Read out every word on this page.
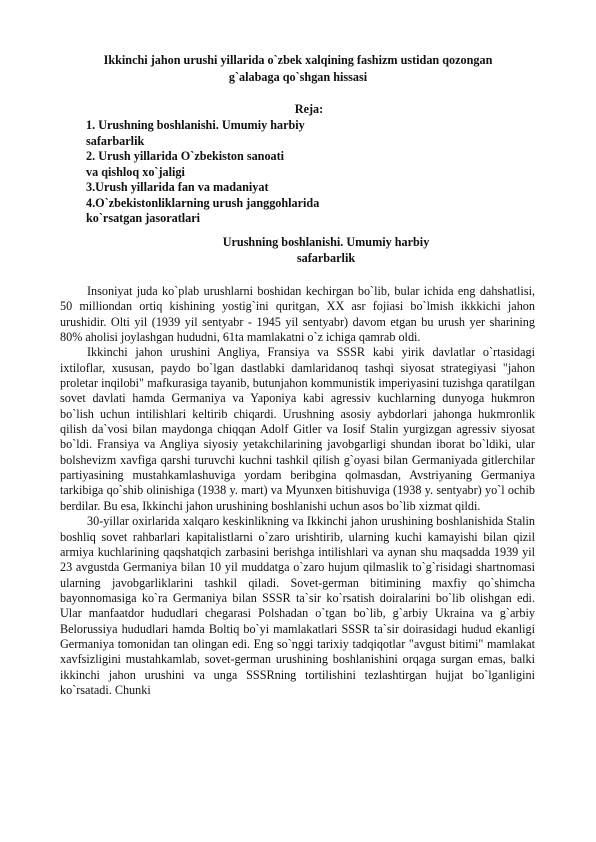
Ikkinchi jahon urushi yillarida o`zbek xalqining fashizm ustidan qozongan
g`alabaga qo`shgan hissasi
Reja:
1. Urushning boshlanishi. Umumiy harbiy
safarbarlik
2. Urush yillarida O`zbekiston sanoati
va qishloq xo`jaligi
3.Urush yillarida fan va madaniyat
4.O`zbekistonliklarning urush janggohlarida
ko`rsatgan jasoratlari
Urushning boshlanishi. Umumiy harbiy
safarbarlik

Insoniyat juda ko`plab urushlarni boshidan kechirgan bo`lib, bular ichida eng dahshatlisi, 50 milliondan ortiq kishining yostig`ini quritgan, XX asr fojiasi bo`lmish ikkkichi jahon urushidir. Olti yil (1939 yil sentyabr - 1945 yil sentyabr) davom etgan bu urush yer sharining 80% aholisi joylashgan hududni, 61ta mamlakatni o`z ichiga qamrab oldi.

Ikkinchi jahon urushini Angliya, Fransiya va SSSR kabi yirik davlatlar o`rtasidagi ixtiloflar, xususan, paydo bo`lgan dastlabki damlaridanoq tashqi siyosat strategiyasi "jahon proletar inqilobi" mafkurasiga tayanib, butunjahon kommunistik imperiyasini tuzishga qaratilgan sovet davlati hamda Germaniya va Yaponiya kabi agressiv kuchlarning dunyoga hukmron bo`lish uchun intilishlari keltirib chiqardi. Urushning asosiy aybdorlari jahonga hukmronlik qilish da`vosi bilan maydonga chiqqan Adolf Gitler va Iosif Stalin yurgizgan agressiv siyosat bo`ldi. Fransiya va Angliya siyosiy yetakchilarining javobgarligi shundan iborat bo`ldiki, ular bolshevizm xavfiga qarshi turuvchi kuchni tashkil qilish g`oyasi bilan Germaniyada gitlerchilar partiyasining mustahkamlashuviga yordam beribgina qolmasdan, Avstriyaning Germaniya tarkibiga qo`shib olinishiga (1938 y. mart) va Myunxen bitishuviga (1938 y. sentyabr) yo`l ochib berdilar. Bu esa, Ikkinchi jahon urushining boshlanishi uchun asos bo`lib xizmat qildi.

30-yillar oxirlarida xalqaro keskinlikning va Ikkinchi jahon urushining boshlanishida Stalin boshliq sovet rahbarlari kapitalistlarni o`zaro urishtirib, ularning kuchi kamayishi bilan qizil armiya kuchlarining qaqshatqich zarbasini berishga intilishlari va aynan shu maqsadda 1939 yil 23 avgustda Germaniya bilan 10 yil muddatga o`zaro hujum qilmaslik to`g`risidagi shartnomasi ularning javobgarliklarini tashkil qiladi. Sovet-german bitimining maxfiy qo`shimcha bayonnomasiga ko`ra Germaniya bilan SSSR ta`sir ko`rsatish doiralarini bo`lib olishgan edi. Ular manfaatdor hududlari chegarasi Polshadan o`tgan bo`lib, g`arbiy Ukraina va g`arbiy Belorussiya hududlari hamda Boltiq bo`yi mamlakatlari SSSR ta`sir doirasidagi hudud ekanligi Germaniya tomonidan tan olingan edi. Eng so`nggi tarixiy tadqiqotlar "avgust bitimi" mamlakat xavfsizligini mustahkamlab, sovet-german urushining boshlanishini orqaga surgan emas, balki ikkinchi jahon urushini va unga SSSRning tortilishini tezlashtirgan hujjat bo`lganligini ko`rsatadi. Chunki
